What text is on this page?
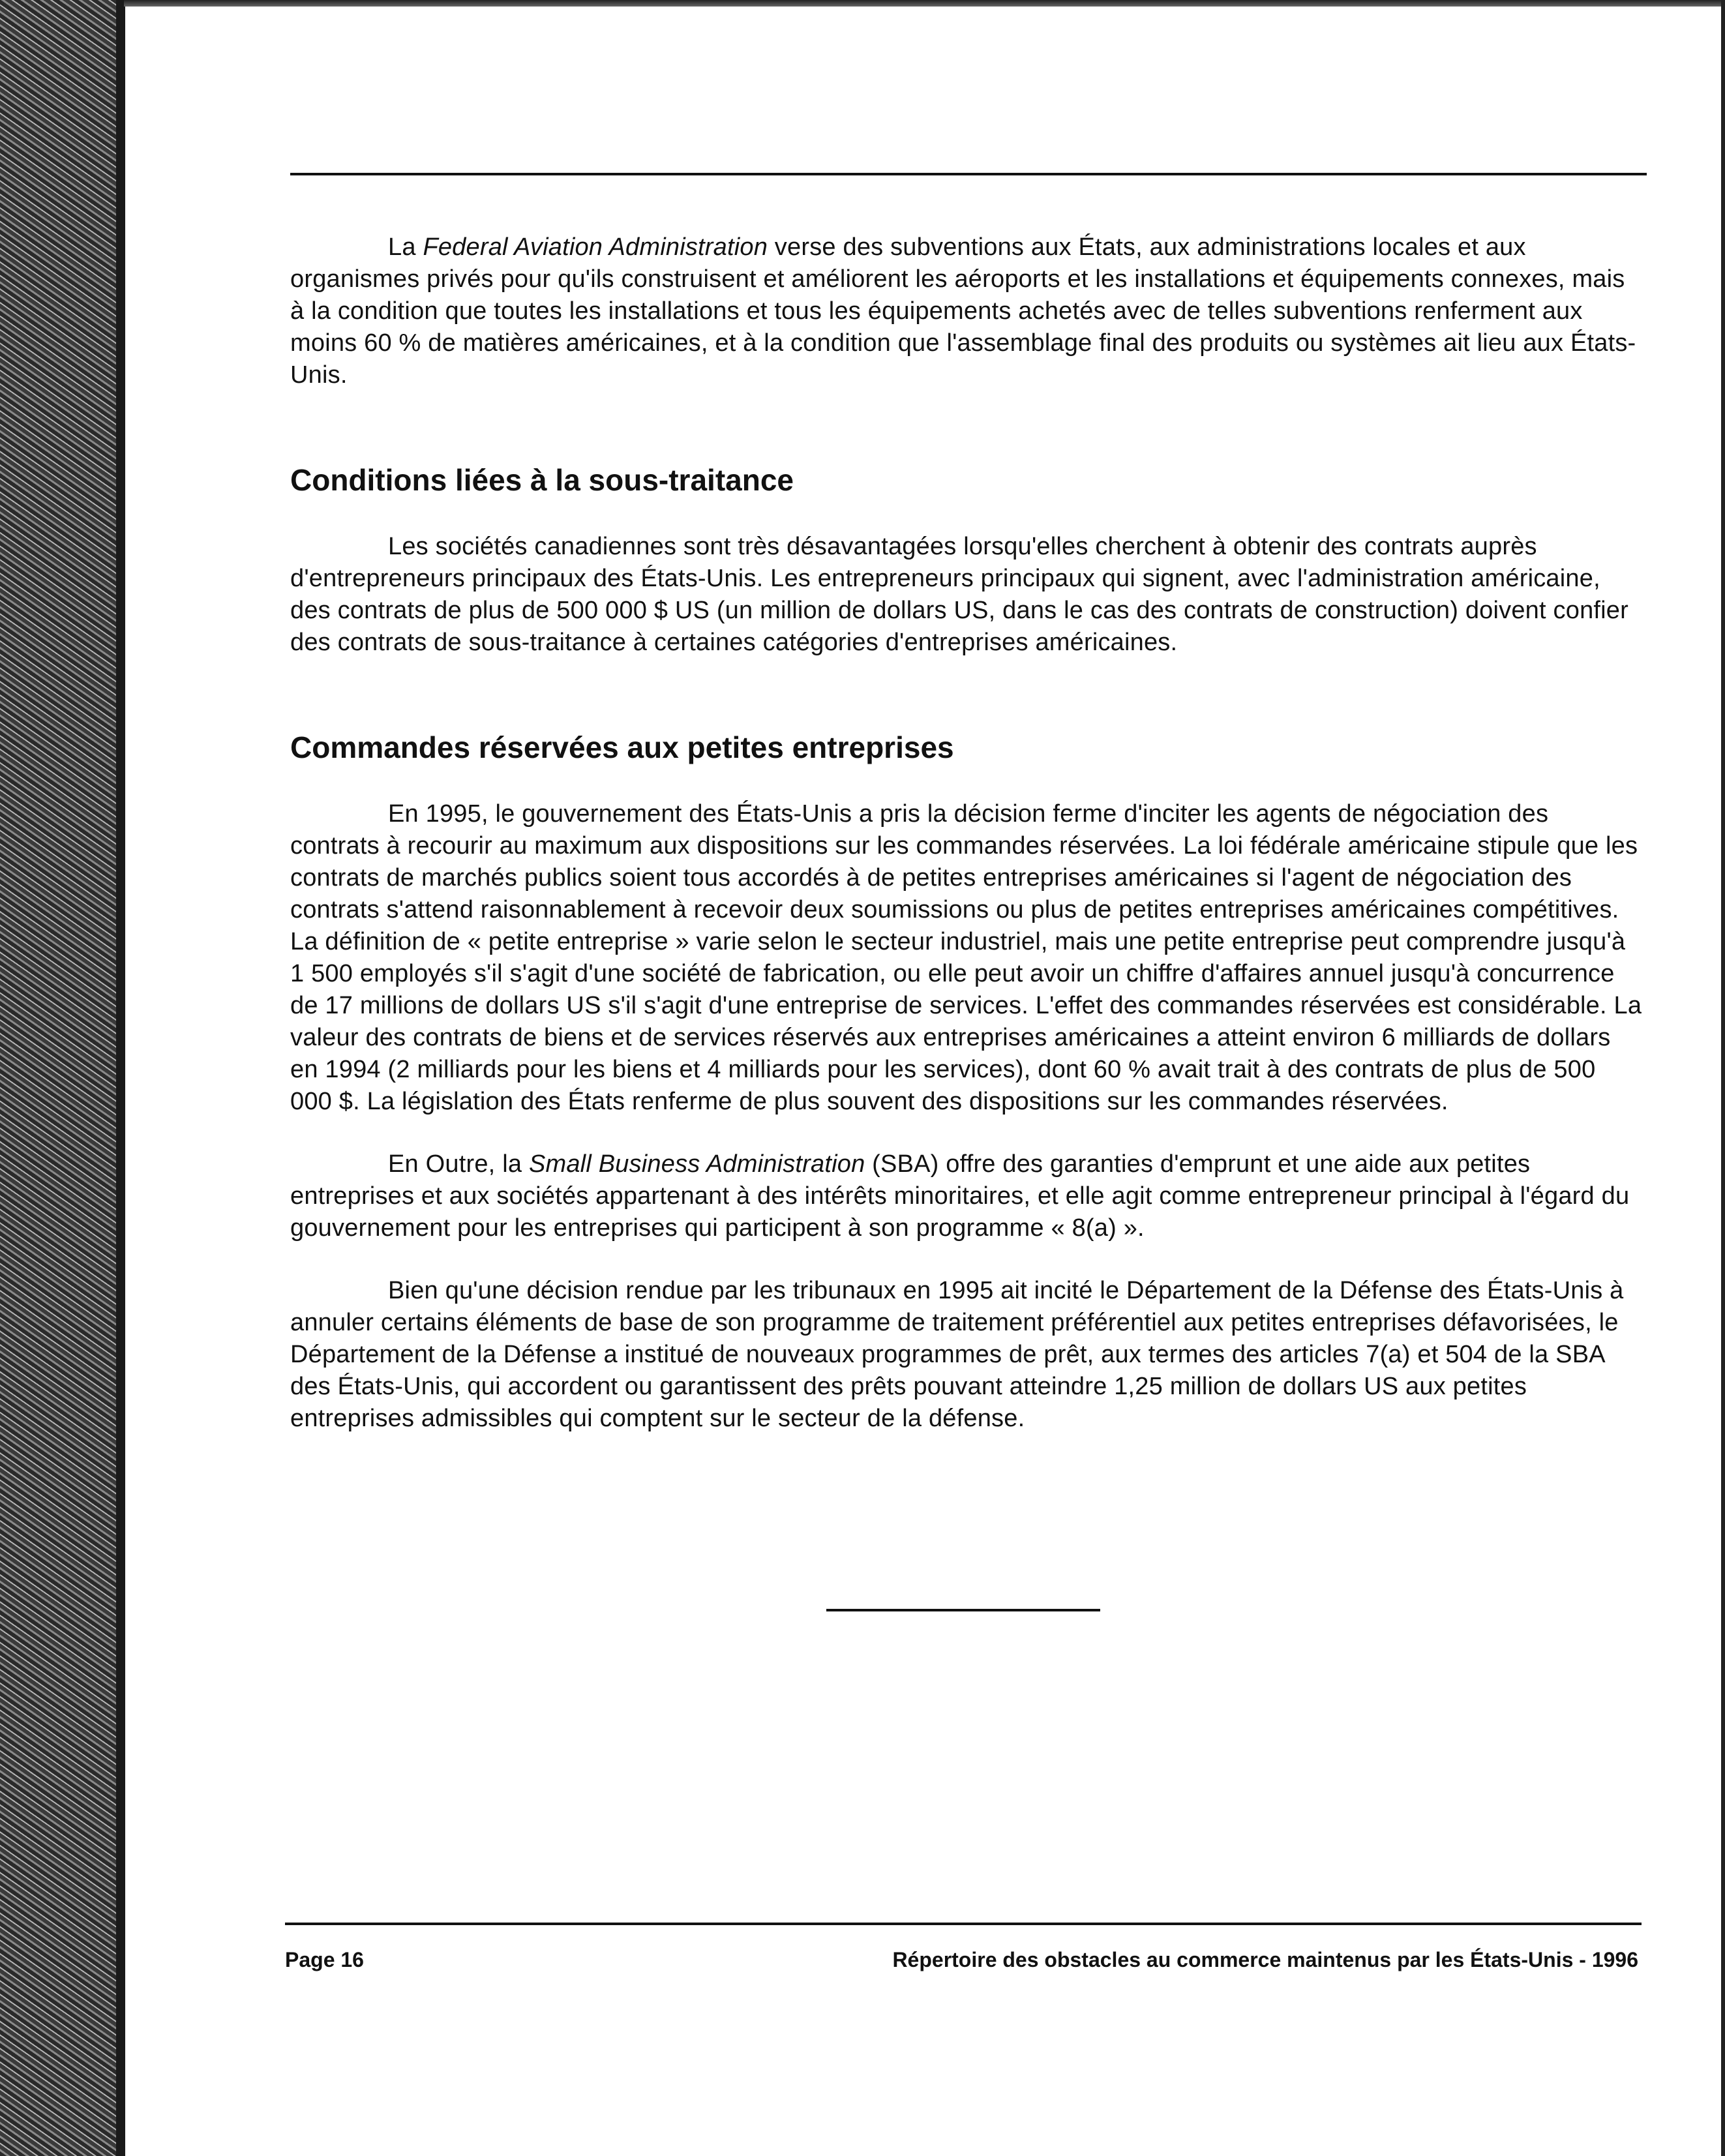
La Federal Aviation Administration verse des subventions aux États, aux administrations locales et aux organismes privés pour qu'ils construisent et améliorent les aéroports et les installations et équipements connexes, mais à la condition que toutes les installations et tous les équipements achetés avec de telles subventions renferment aux moins 60 % de matières américaines, et à la condition que l'assemblage final des produits ou systèmes ait lieu aux États-Unis.

Conditions liées à la sous-traitance

Les sociétés canadiennes sont très désavantagées lorsqu'elles cherchent à obtenir des contrats auprès d'entrepreneurs principaux des États-Unis. Les entrepreneurs principaux qui signent, avec l'administration américaine, des contrats de plus de 500 000 $ US (un million de dollars US, dans le cas des contrats de construction) doivent confier des contrats de sous-traitance à certaines catégories d'entreprises américaines.

Commandes réservées aux petites entreprises

En 1995, le gouvernement des États-Unis a pris la décision ferme d'inciter les agents de négociation des contrats à recourir au maximum aux dispositions sur les commandes réservées. La loi fédérale américaine stipule que les contrats de marchés publics soient tous accordés à de petites entreprises américaines si l'agent de négociation des contrats s'attend raisonnablement à recevoir deux soumissions ou plus de petites entreprises américaines compétitives. La définition de « petite entreprise » varie selon le secteur industriel, mais une petite entreprise peut comprendre jusqu'à 1 500 employés s'il s'agit d'une société de fabrication, ou elle peut avoir un chiffre d'affaires annuel jusqu'à concurrence de 17 millions de dollars US s'il s'agit d'une entreprise de services. L'effet des commandes réservées est considérable. La valeur des contrats de biens et de services réservés aux entreprises américaines a atteint environ 6 milliards de dollars en 1994 (2 milliards pour les biens et 4 milliards pour les services), dont 60 % avait trait à des contrats de plus de 500 000 $. La législation des États renferme de plus souvent des dispositions sur les commandes réservées.

En Outre, la Small Business Administration (SBA) offre des garanties d'emprunt et une aide aux petites entreprises et aux sociétés appartenant à des intérêts minoritaires, et elle agit comme entrepreneur principal à l'égard du gouvernement pour les entreprises qui participent à son programme « 8(a) ».

Bien qu'une décision rendue par les tribunaux en 1995 ait incité le Département de la Défense des États-Unis à annuler certains éléments de base de son programme de traitement préférentiel aux petites entreprises défavorisées, le Département de la Défense a institué de nouveaux programmes de prêt, aux termes des articles 7(a) et 504 de la SBA des États-Unis, qui accordent ou garantissent des prêts pouvant atteindre 1,25 million de dollars US aux petites entreprises admissibles qui comptent sur le secteur de la défense.

Page 16	Répertoire des obstacles au commerce maintenus par les États-Unis - 1996
